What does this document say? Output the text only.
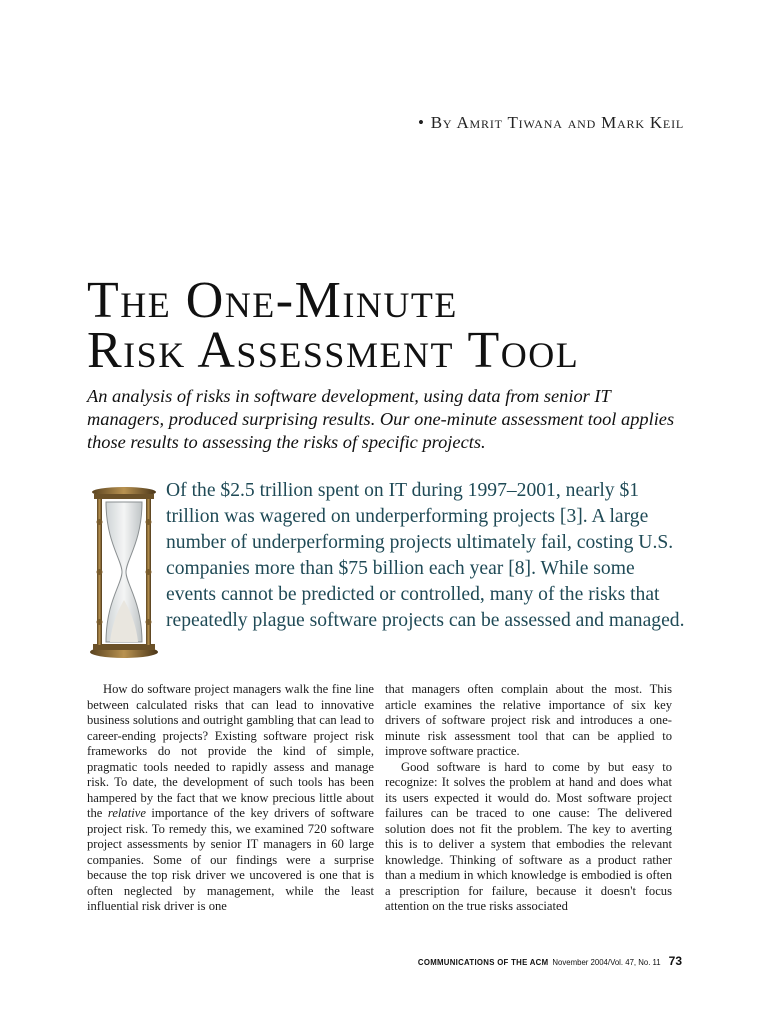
• By Amrit Tiwana and Mark Keil
The One-Minute
Risk Assessment Tool

An analysis of risks in software development, using data from senior IT managers, produced surprising results. Our one-minute assessment tool applies those results to assessing the risks of specific projects.

Of the $2.5 trillion spent on IT during 1997–2001, nearly $1 trillion was wagered on underperforming projects [3]. A large number of underperforming projects ultimately fail, costing U.S. companies more than $75 billion each year [8]. While some events cannot be predicted or controlled, many of the risks that repeatedly plague software projects can be assessed and managed.

How do software project managers walk the fine line between calculated risks that can lead to innovative business solutions and outright gambling that can lead to career-ending projects? Existing software project risk frameworks do not provide the kind of simple, pragmatic tools needed to rapidly assess and manage risk. To date, the development of such tools has been hampered by the fact that we know precious little about the relative importance of the key drivers of software project risk. To remedy this, we examined 720 software project assessments by senior IT managers in 60 large companies. Some of our findings were a surprise because the top risk driver we uncovered is one that is often neglected by management, while the least influential risk driver is one

that managers often complain about the most. This article examines the relative importance of six key drivers of software project risk and introduces a one-minute risk assessment tool that can be applied to improve software practice.

Good software is hard to come by but easy to recognize: It solves the problem at hand and does what its users expected it would do. Most software project failures can be traced to one cause: The delivered solution does not fit the problem. The key to averting this is to deliver a system that embodies the relevant knowledge. Thinking of software as a product rather than a medium in which knowledge is embodied is often a prescription for failure, because it doesn't focus attention on the true risks associated

COMMUNICATIONS OF THE ACM November 2004/Vol. 47, No. 11 73
